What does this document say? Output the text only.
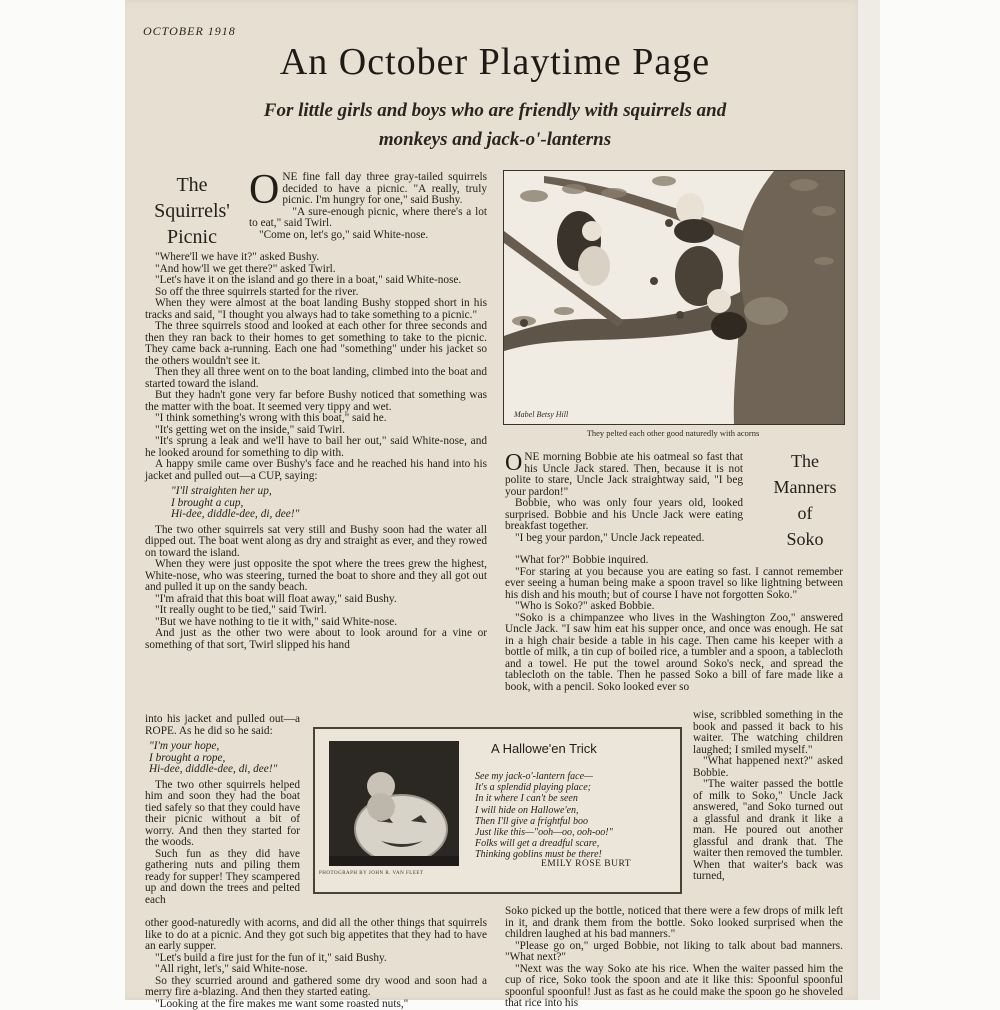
OCTOBER 1918
An October Playtime Page
For little girls and boys who are friendly with squirrels and
monkeys and jack-o'-lanterns
The
Squirrels'
Picnic

ONE fine fall day three gray-tailed squirrels decided to have a picnic. "A really, truly picnic. I'm hungry for one," said Bushy.

"A sure-enough picnic, where there's a lot to eat," said Twirl.

"Come on, let's go," said White-nose.

"Where'll we have it?" asked Bushy.

"And how'll we get there?" asked Twirl.

"Let's have it on the island and go there in a boat," said White-nose.

So off the three squirrels started for the river.

When they were almost at the boat landing Bushy stopped short in his tracks and said, "I thought you always had to take something to a picnic."

The three squirrels stood and looked at each other for three seconds and then they ran back to their homes to get something to take to the picnic. They came back a-running. Each one had "something" under his jacket so the others wouldn't see it.

Then they all three went on to the boat landing, climbed into the boat and started toward the island.

But they hadn't gone very far before Bushy noticed that something was the matter with the boat. It seemed very tippy and wet.

"I think something's wrong with this boat," said he.

"It's getting wet on the inside," said Twirl.

"It's sprung a leak and we'll have to bail her out," said White-nose, and he looked around for something to dip with.

A happy smile came over Bushy's face and he reached his hand into his jacket and pulled out—a CUP, saying:

"I'll straighten her up,

I brought a cup,

Hi-dee, diddle-dee, di, dee!"

The two other squirrels sat very still and Bushy soon had the water all dipped out. The boat went along as dry and straight as ever, and they rowed on toward the island.

When they were just opposite the spot where the trees grew the highest, White-nose, who was steering, turned the boat to shore and they all got out and pulled it up on the sandy beach.

"I'm afraid that this boat will float away," said Bushy.

"It really ought to be tied," said Twirl.

"But we have nothing to tie it with," said White-nose.

And just as the other two were about to look around for a vine or something of that sort, Twirl slipped his hand

into his jacket and pulled out—a ROPE. As he did so he said:

"I'm your hope,

I brought a rope,

Hi-dee, diddle-dee, di, dee!"

The two other squirrels helped him and soon they had the boat tied safely so that they could have their picnic without a bit of worry. And then they started for the woods.

Such fun as they did have gathering nuts and piling them ready for supper! They scampered up and down the trees and pelted each

other good-naturedly with acorns, and did all the other things that squirrels like to do at a picnic. And they got such big appetites that they had to have an early supper.

"Let's build a fire just for the fun of it," said Bushy.

"All right, let's," said White-nose.

So they scurried around and gathered some dry wood and soon had a merry fire a-blazing. And then they started eating.

"Looking at the fire makes me want some roasted nuts,"

Mabel Betsy Hill
They pelted each other good naturedly with acorns
The
Manners
of
Soko

ONE morning Bobbie ate his oatmeal so fast that his Uncle Jack stared. Then, because it is not polite to stare, Uncle Jack straightway said, "I beg your pardon!"

Bobbie, who was only four years old, looked surprised. Bobbie and his Uncle Jack were eating breakfast together.

"I beg your pardon," Uncle Jack repeated.

"What for?" Bobbie inquired.

"For staring at you because you are eating so fast. I cannot remember ever seeing a human being make a spoon travel so like lightning between his dish and his mouth; but of course I have not forgotten Soko."

"Who is Soko?" asked Bobbie.

"Soko is a chimpanzee who lives in the Washington Zoo," answered Uncle Jack. "I saw him eat his supper once, and once was enough. He sat in a high chair beside a table in his cage. Then came his keeper with a bottle of milk, a tin cup of boiled rice, a tumbler and a spoon, a tablecloth and a towel. He put the towel around Soko's neck, and spread the tablecloth on the table. Then he passed Soko a bill of fare made like a book, with a pencil. Soko looked ever so

wise, scribbled something in the book and passed it back to his waiter. The watching children laughed; I smiled myself."

"What happened next?" asked Bobbie.

"The waiter passed the bottle of milk to Soko," Uncle Jack answered, "and Soko turned out a glassful and drank it like a man. He poured out another glassful and drank that. The waiter then removed the tumbler. When that waiter's back was turned,

Soko picked up the bottle, noticed that there were a few drops of milk left in it, and drank them from the bottle. Soko looked surprised when the children laughed at his bad manners."

"Please go on," urged Bobbie, not liking to talk about bad manners. "What next?"

"Next was the way Soko ate his rice. When the waiter passed him the cup of rice, Soko took the spoon and ate it like this: Spoonful spoonful spoonful spoonful! Just as fast as he could make the spoon go he shoveled that rice into his

PHOTOGRAPH BY JOHN R. VAN FLEET
A Hallowe'en Trick
See my jack-o'-lantern face—
It's a splendid playing place;
In it where I can't be seen
I will hide on Hallowe'en,
Then I'll give a frightful boo
Just like this—"ooh—oo, ooh-oo!"
Folks will get a dreadful scare,
Thinking goblins must be there!
EMILY ROSE BURT
